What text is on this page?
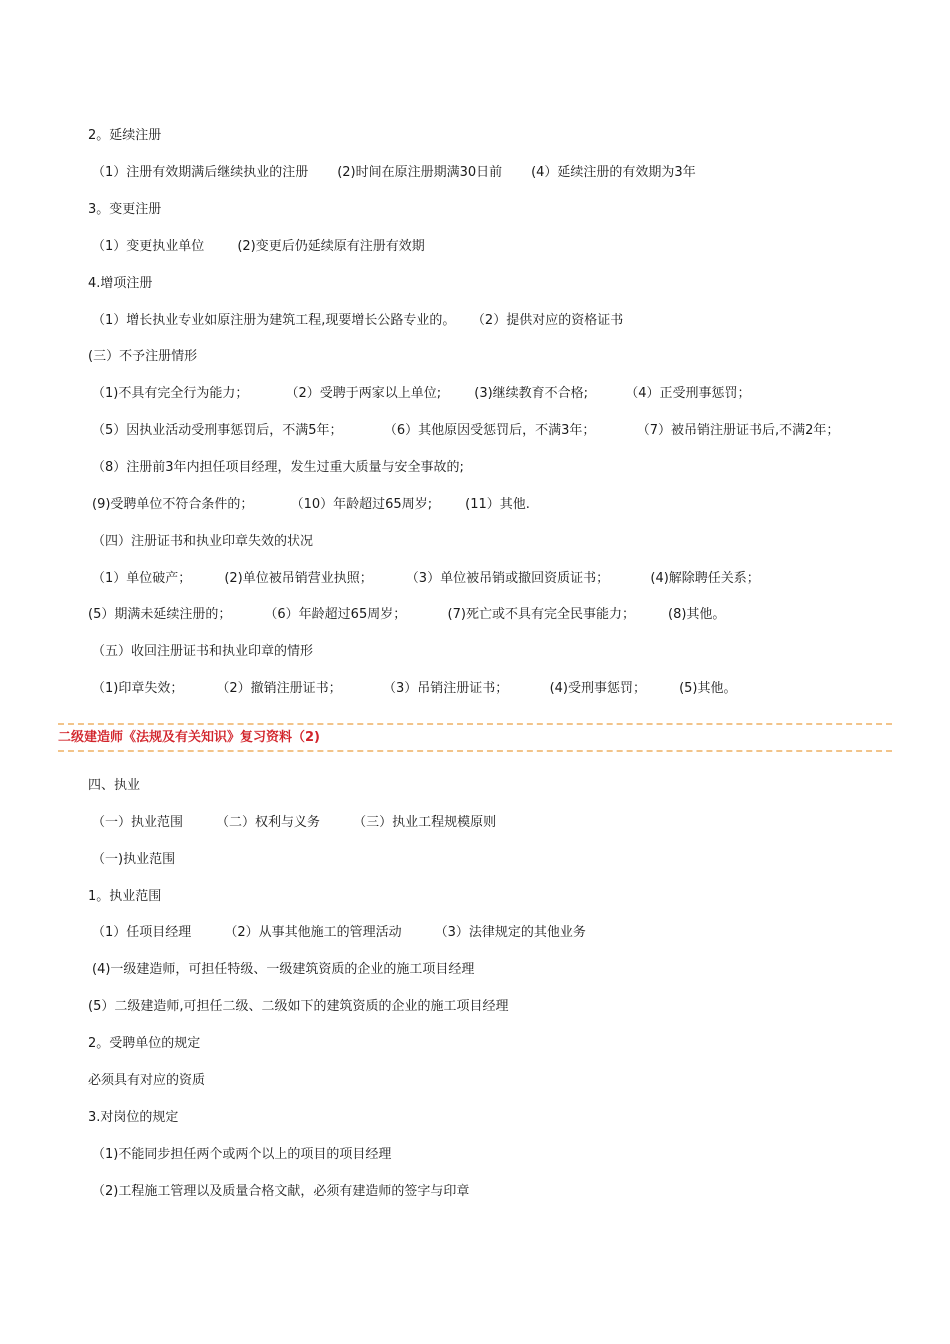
2。延续注册
（1）注册有效期满后继续执业的注册       (2)时间在原注册期满30日前       (4）延续注册的有效期为3年
3。变更注册
（1）变更执业单位        (2)变更后仍延续原有注册有效期
4.增项注册
（1）增长执业专业如原注册为建筑工程,现要增长公路专业的。    （2）提供对应的资格证书
(三）不予注册情形
（1)不具有完全行为能力；         （2）受聘于两家以上单位;        (3)继续教育不合格;         （4）正受刑事惩罚；
（5）因执业活动受刑事惩罚后，不满5年；          （6）其他原因受惩罚后，不满3年；          （7）被吊销注册证书后,不满2年；
（8）注册前3年内担任项目经理，发生过重大质量与安全事故的;
(9)受聘单位不符合条件的；         （10）年龄超过65周岁;        (11）其他.
（四）注册证书和执业印章失效的状况
（1）单位破产；        (2)单位被吊销营业执照；        （3）单位被吊销或撤回资质证书；          (4)解除聘任关系；
(5）期满未延续注册的；        （6）年龄超过65周岁；          (7)死亡或不具有完全民事能力；        (8)其他。
（五）收回注册证书和执业印章的情形
（1)印章失效；        （2）撤销注册证书；          （3）吊销注册证书；          (4)受刑事惩罚；        (5)其他。
二级建造师《法规及有关知识》复习资料（2)
四、执业
（一）执业范围        （二）权利与义务        （三）执业工程规模原则
（一)执业范围
1。执业范围
（1）任项目经理        （2）从事其他施工的管理活动        （3）法律规定的其他业务
(4)一级建造师，可担任特级、一级建筑资质的企业的施工项目经理
(5）二级建造师,可担任二级、二级如下的建筑资质的企业的施工项目经理
2。受聘单位的规定
必须具有对应的资质
3.对岗位的规定
（1)不能同步担任两个或两个以上的项目的项目经理
（2)工程施工管理以及质量合格文献，必须有建造师的签字与印章
